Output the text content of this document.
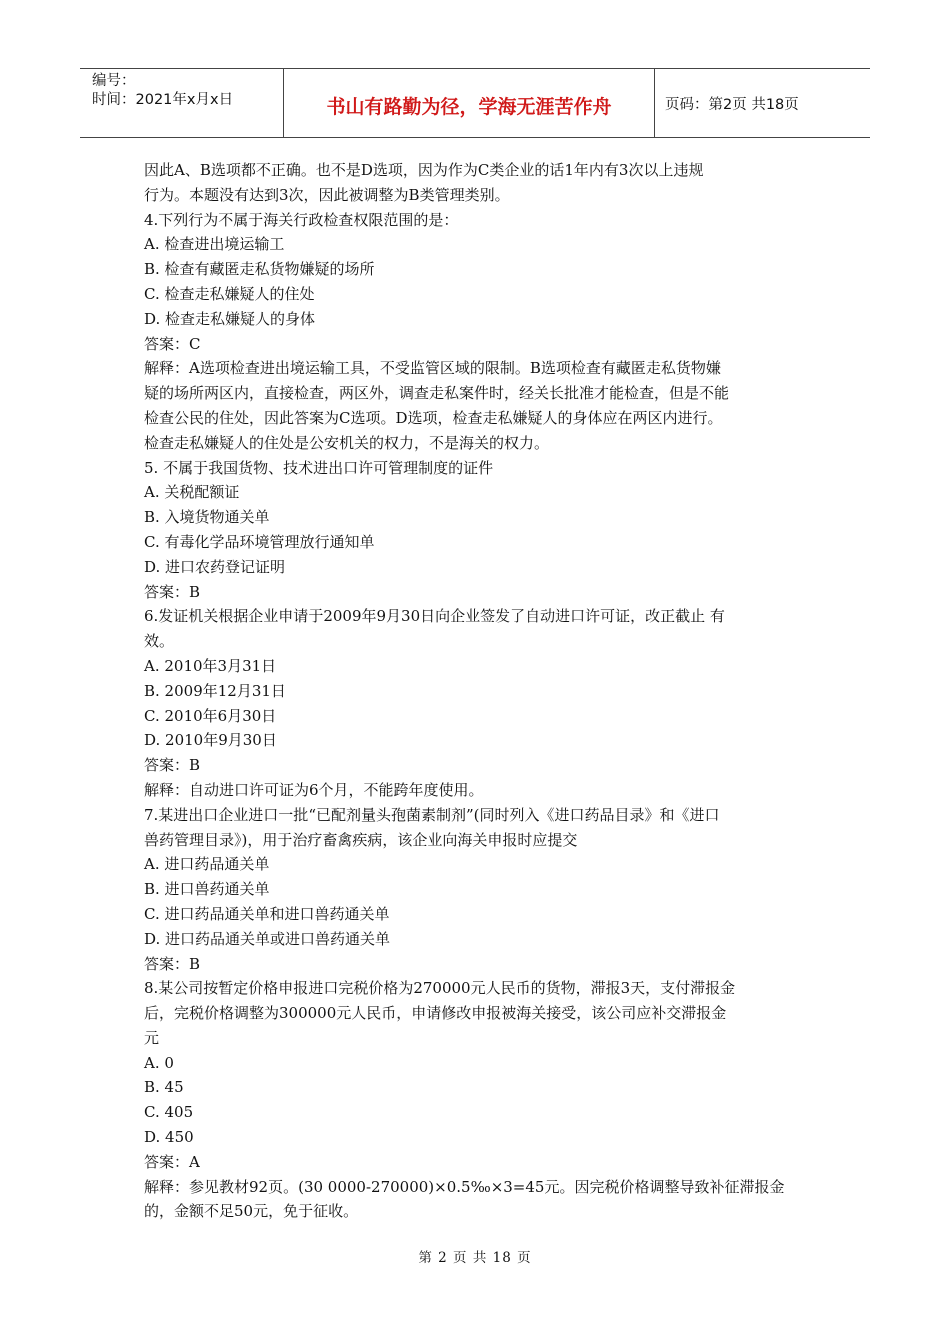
编号：
时间：2021年x月x日	书山有路勤为径，学海无涯苦作舟	页码：第2页 共18页

因此A、B选项都不正确。也不是D选项，因为作为C类企业的话1年内有3次以上违规

行为。本题没有达到3次，因此被调整为B类管理类别。

4.下列行为不属于海关行政检查权限范围的是：

A. 检查进出境运输工

B. 检查有藏匿走私货物嫌疑的场所

C. 检查走私嫌疑人的住处

D. 检查走私嫌疑人的身体

答案：C

解释：A选项检查进出境运输工具，不受监管区域的限制。B选项检查有藏匿走私货物嫌

疑的场所两区内，直接检查，两区外，调查走私案件时，经关长批准才能检查，但是不能

检查公民的住处，因此答案为C选项。D选项，检查走私嫌疑人的身体应在两区内进行。

检查走私嫌疑人的住处是公安机关的权力，不是海关的权力。

5. 不属于我国货物、技术进出口许可管理制度的证件

A. 关税配额证

B. 入境货物通关单

C. 有毒化学品环境管理放行通知单

D. 进口农药登记证明

答案：B

6.发证机关根据企业申请于2009年9月30日向企业签发了自动进口许可证，改正截止 有

效。

A. 2010年3月31日

B. 2009年12月31日

C. 2010年6月30日

D. 2010年9月30日

答案：B

解释：自动进口许可证为6个月，不能跨年度使用。

7.某进出口企业进口一批“已配剂量头孢菌素制剂”(同时列入《进口药品目录》和《进口

兽药管理目录》)，用于治疗畜禽疾病，该企业向海关申报时应提交

A. 进口药品通关单

B. 进口兽药通关单

C. 进口药品通关单和进口兽药通关单

D. 进口药品通关单或进口兽药通关单

答案：B

8.某公司按暂定价格申报进口完税价格为270000元人民币的货物，滞报3天，支付滞报金

后，完税价格调整为300000元人民币，申请修改申报被海关接受，该公司应补交滞报金

元

A. 0

B. 45

C. 405

D. 450

答案：A

解释：参见教材92页。(30 0000-270000)×0.5‰×3=45元。因完税价格调整导致补征滞报金

的，金额不足50元，免于征收。

第 2 页 共 18 页
